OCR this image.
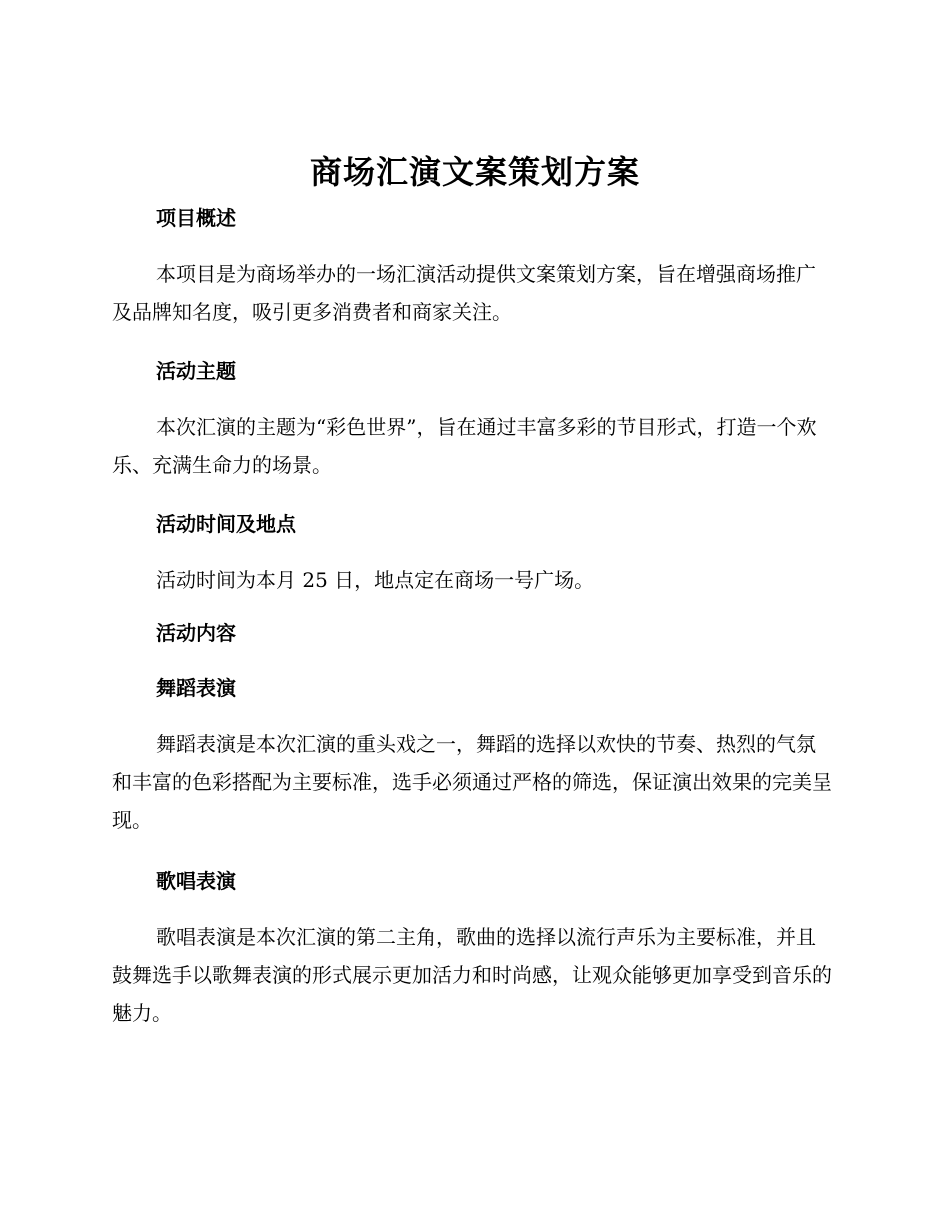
商场汇演文案策划方案
项目概述

本项目是为商场举办的一场汇演活动提供文案策划方案，旨在增强商场推广及品牌知名度，吸引更多消费者和商家关注。

活动主题

本次汇演的主题为“彩色世界”，旨在通过丰富多彩的节目形式，打造一个欢乐、充满生命力的场景。

活动时间及地点

活动时间为本月 25 日，地点定在商场一号广场。

活动内容
舞蹈表演

舞蹈表演是本次汇演的重头戏之一，舞蹈的选择以欢快的节奏、热烈的气氛和丰富的色彩搭配为主要标准，选手必须通过严格的筛选，保证演出效果的完美呈现。

歌唱表演

歌唱表演是本次汇演的第二主角，歌曲的选择以流行声乐为主要标准，并且鼓舞选手以歌舞表演的形式展示更加活力和时尚感，让观众能够更加享受到音乐的魅力。
